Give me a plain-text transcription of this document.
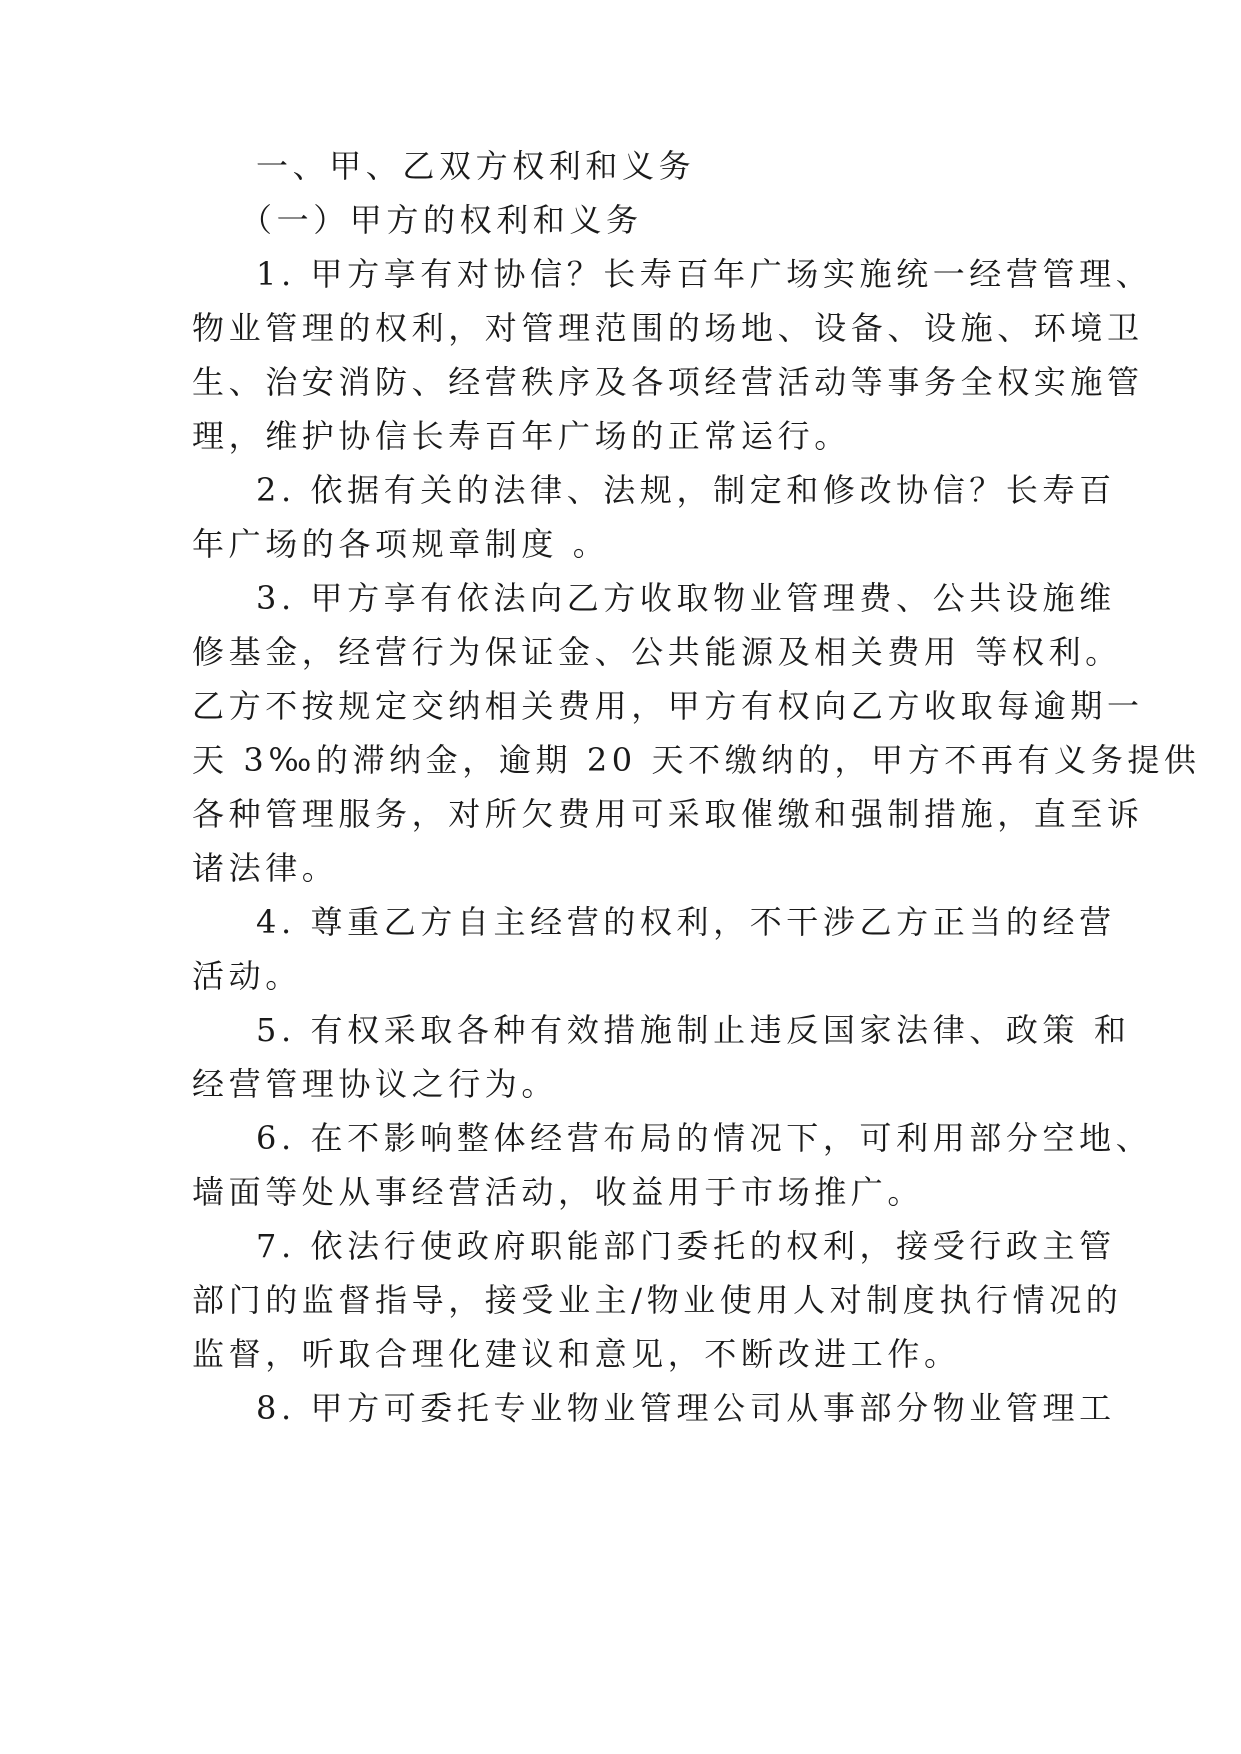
一、甲、乙双方权利和义务
（一）甲方的权利和义务
1. 甲方享有对协信？长寿百年广场实施统一经营管理、
物业管理的权利，对管理范围的场地、设备、设施、环境卫
生、治安消防、经营秩序及各项经营活动等事务全权实施管
理，维护协信长寿百年广场的正常运行。
2. 依据有关的法律、法规，制定和修改协信？长寿百
年广场的各项规章制度 。
3. 甲方享有依法向乙方收取物业管理费、公共设施维
修基金，经营行为保证金、公共能源及相关费用 等权利。
乙方不按规定交纳相关费用，甲方有权向乙方收取每逾期一
天 3‰的滞纳金，逾期 20 天不缴纳的，甲方不再有义务提供
各种管理服务，对所欠费用可采取催缴和强制措施，直至诉
诸法律。
4. 尊重乙方自主经营的权利，不干涉乙方正当的经营
活动。
5. 有权采取各种有效措施制止违反国家法律、政策 和
经营管理协议之行为。
6. 在不影响整体经营布局的情况下，可利用部分空地、
墙面等处从事经营活动，收益用于市场推广。
7. 依法行使政府职能部门委托的权利，接受行政主管
部门的监督指导，接受业主/物业使用人对制度执行情况的
监督，听取合理化建议和意见，不断改进工作。
8. 甲方可委托专业物业管理公司从事部分物业管理工
